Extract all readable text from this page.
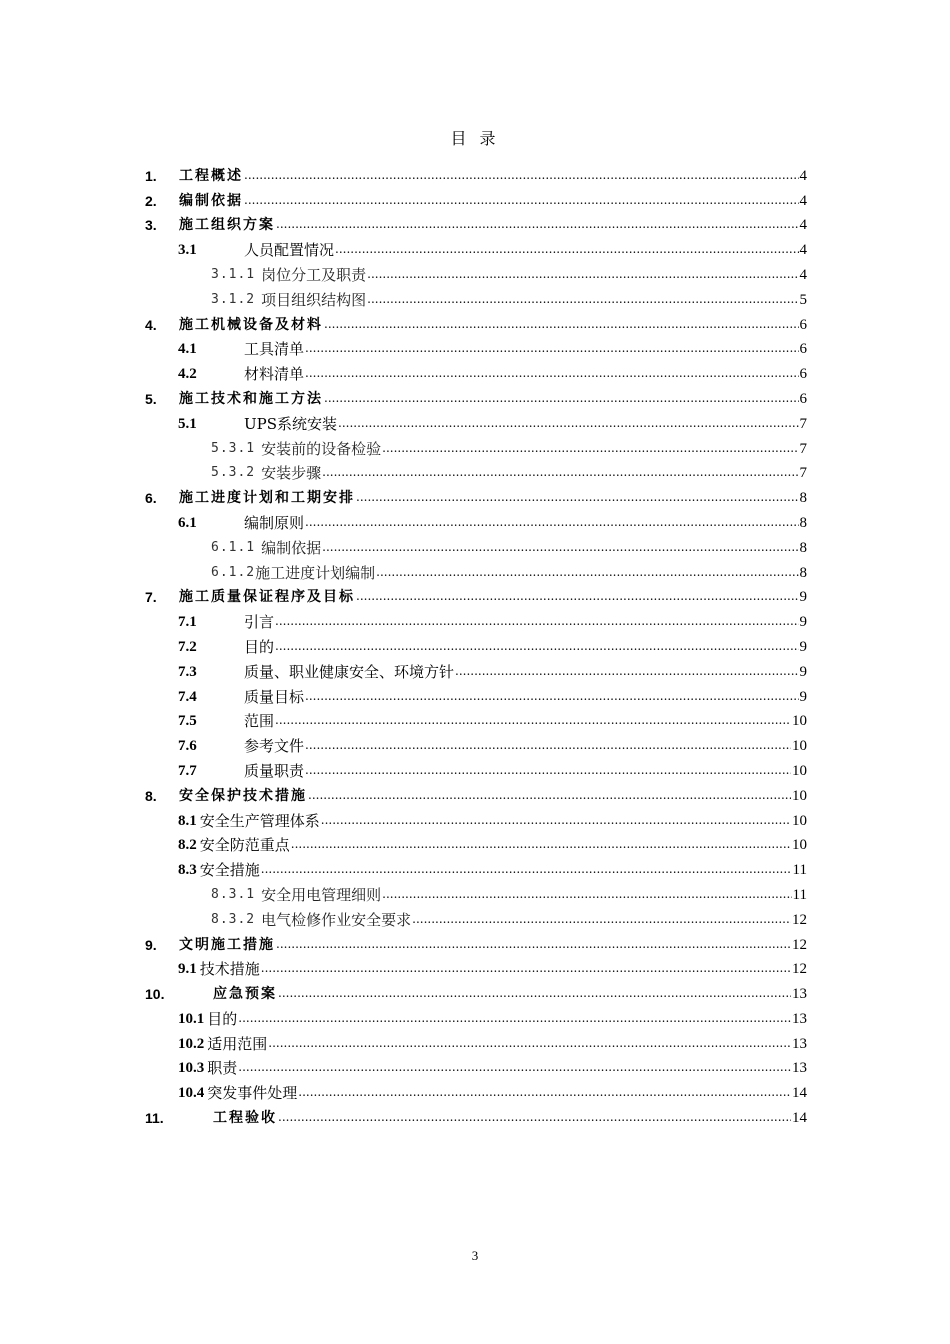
目 录
1.	工程概述 .....	4
2.	编制依据 .....	4
3.	施工组织方案 .....	4
3.1	人员配置情况 .....	4
3.1.1 岗位分工及职责 .....	4
3.1.2 项目组织结构图 .....	5
4.	施工机械设备及材料 .....	6
4.1	工具清单 .....	6
4.2	材料清单 .....	6
5.	施工技术和施工方法 .....	6
5.1	UPS系统安装 .....	7
5.3.1 安装前的设备检验 .....	7
5.3.2 安装步骤 .....	7
6.	施工进度计划和工期安排 .....	8
6.1	编制原则 .....	8
6.1.1 编制依据 .....	8
6.1.2 施工进度计划编制 .....	8
7.	施工质量保证程序及目标 .....	9
7.1	引言 .....	9
7.2	目的 .....	9
7.3	质量、职业健康安全、环境方针 .....	9
7.4	质量目标 .....	9
7.5	范围 .....	10
7.6	参考文件 .....	10
7.7	质量职责 .....	10
8.	安全保护技术措施 .....	10
8.1 安全生产管理体系 .....	10
8.2 安全防范重点 .....	10
8.3 安全措施 .....	11
8.3.1 安全用电管理细则 .....	11
8.3.2 电气检修作业安全要求 .....	12
9.	文明施工措施 .....	12
9.1 技术措施 .....	12
10.	应急预案 .....	13
10.1 目的 .....	13
10.2 适用范围 .....	13
10.3 职责 .....	13
10.4 突发事件处理 .....	14
11.	工程验收 .....	14
3
